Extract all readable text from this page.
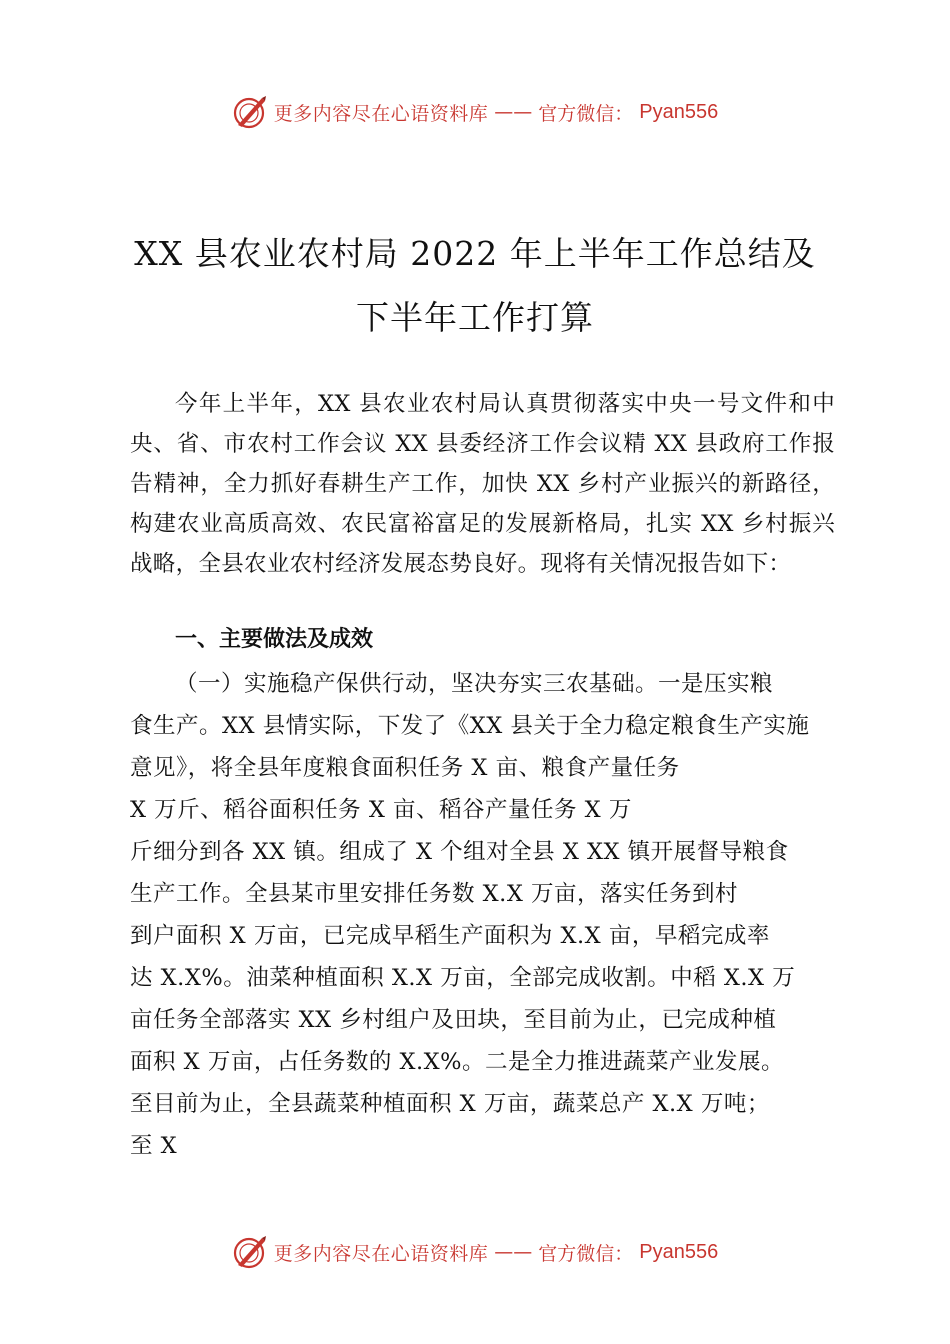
更多内容尽在心语资料库 —— 官方微信： Pyan556
XX 县农业农村局 2022 年上半年工作总结及
下半年工作打算
今年上半年，XX 县农业农村局认真贯彻落实中央一号文件和中央、省、市农村工作会议 XX 县委经济工作会议精 XX 县政府工作报告精神，全力抓好春耕生产工作，加快 XX 乡村产业振兴的新路径，构建农业高质高效、农民富裕富足的发展新格局，扎实 XX 乡村振兴战略，全县农业农村经济发展态势良好。现将有关情况报告如下：
一、主要做法及成效
（一）实施稳产保供行动，坚决夯实三农基础。一是压实粮
食生产。XX 县情实际，下发了《XX 县关于全力稳定粮食生产实施
意见》，将全县年度粮食面积任务 X 亩、粮食产量任务
X 万斤、稻谷面积任务 X 亩、稻谷产量任务 X 万
斤细分到各 XX 镇。组成了 X 个组对全县 X XX 镇开展督导粮食
生产工作。全县某市里安排任务数 X.X 万亩，落实任务到村
到户面积 X 万亩，已完成早稻生产面积为 X.X 亩，早稻完成率
达 X.X%。油菜种植面积 X.X 万亩，全部完成收割。中稻 X.X 万
亩任务全部落实 XX 乡村组户及田块，至目前为止，已完成种植
面积 X 万亩，占任务数的 X.X%。二是全力推进蔬菜产业发展。
至目前为止，全县蔬菜种植面积 X 万亩，蔬菜总产 X.X 万吨；
至 X
更多内容尽在心语资料库 —— 官方微信： Pyan556
